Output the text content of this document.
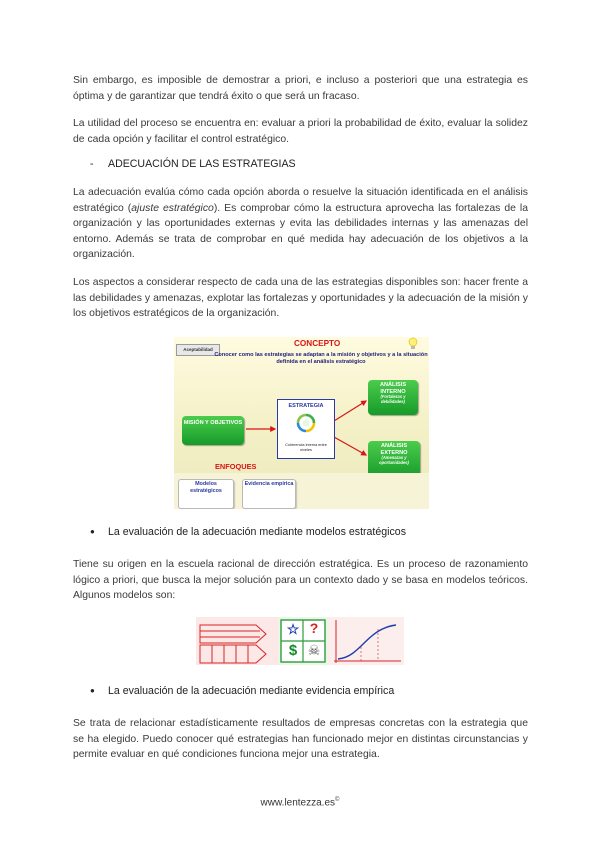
Sin embargo, es imposible de demostrar a priori, e incluso a posteriori que una estrategia es óptima y de garantizar que tendrá éxito o que será un fracaso.

La utilidad del proceso se encuentra en: evaluar a priori la probabilidad de éxito, evaluar la solidez de cada opción y facilitar el control estratégico.

- ADECUACIÓN DE LAS ESTRATEGIAS

La adecuación evalúa cómo cada opción aborda o resuelve la situación identificada en el análisis estratégico (ajuste estratégico). Es comprobar cómo la estructura aprovecha las fortalezas de la organización y las oportunidades externas y evita las debilidades internas y las amenazas del entorno. Además se trata de comprobar en qué medida hay adecuación de los objetivos a la organización.

Los aspectos a considerar respecto de cada una de las estrategias disponibles son: hacer frente a las debilidades y amenazas, explotar las fortalezas y oportunidades y la adecuación de la misión y los objetivos estratégicos de la organización.

Aceptabilidad
CONCEPTO
Conocer como las estrategias se adaptan a la misión y objetivos y a la situación definida en el análisis estratégico
MISIÓN Y OBJETIVOS
ANÁLISIS INTERNO
(Fortalezas y debilidades)
ANÁLISIS EXTERNO
(Amenazas y oportunidades)
ESTRATEGIA
Coherencia interna entre niveles
ENFOQUES
Modelos estratégicos
Evidencia empírica

● La evaluación de la adecuación mediante modelos estratégicos

Tiene su origen en la escuela racional de dirección estratégica. Es un proceso de razonamiento lógico a priori, que busca la mejor solución para un contexto dado y se basa en modelos teóricos. Algunos modelos son:

☆ ?
$ ☠

● La evaluación de la adecuación mediante evidencia empírica

Se trata de relacionar estadísticamente resultados de empresas concretas con la estrategia que se ha elegido. Puedo conocer qué estrategias han funcionado mejor en distintas circunstancias y permite evaluar en qué condiciones funciona mejor una estrategia.

www.lentezza.es©
